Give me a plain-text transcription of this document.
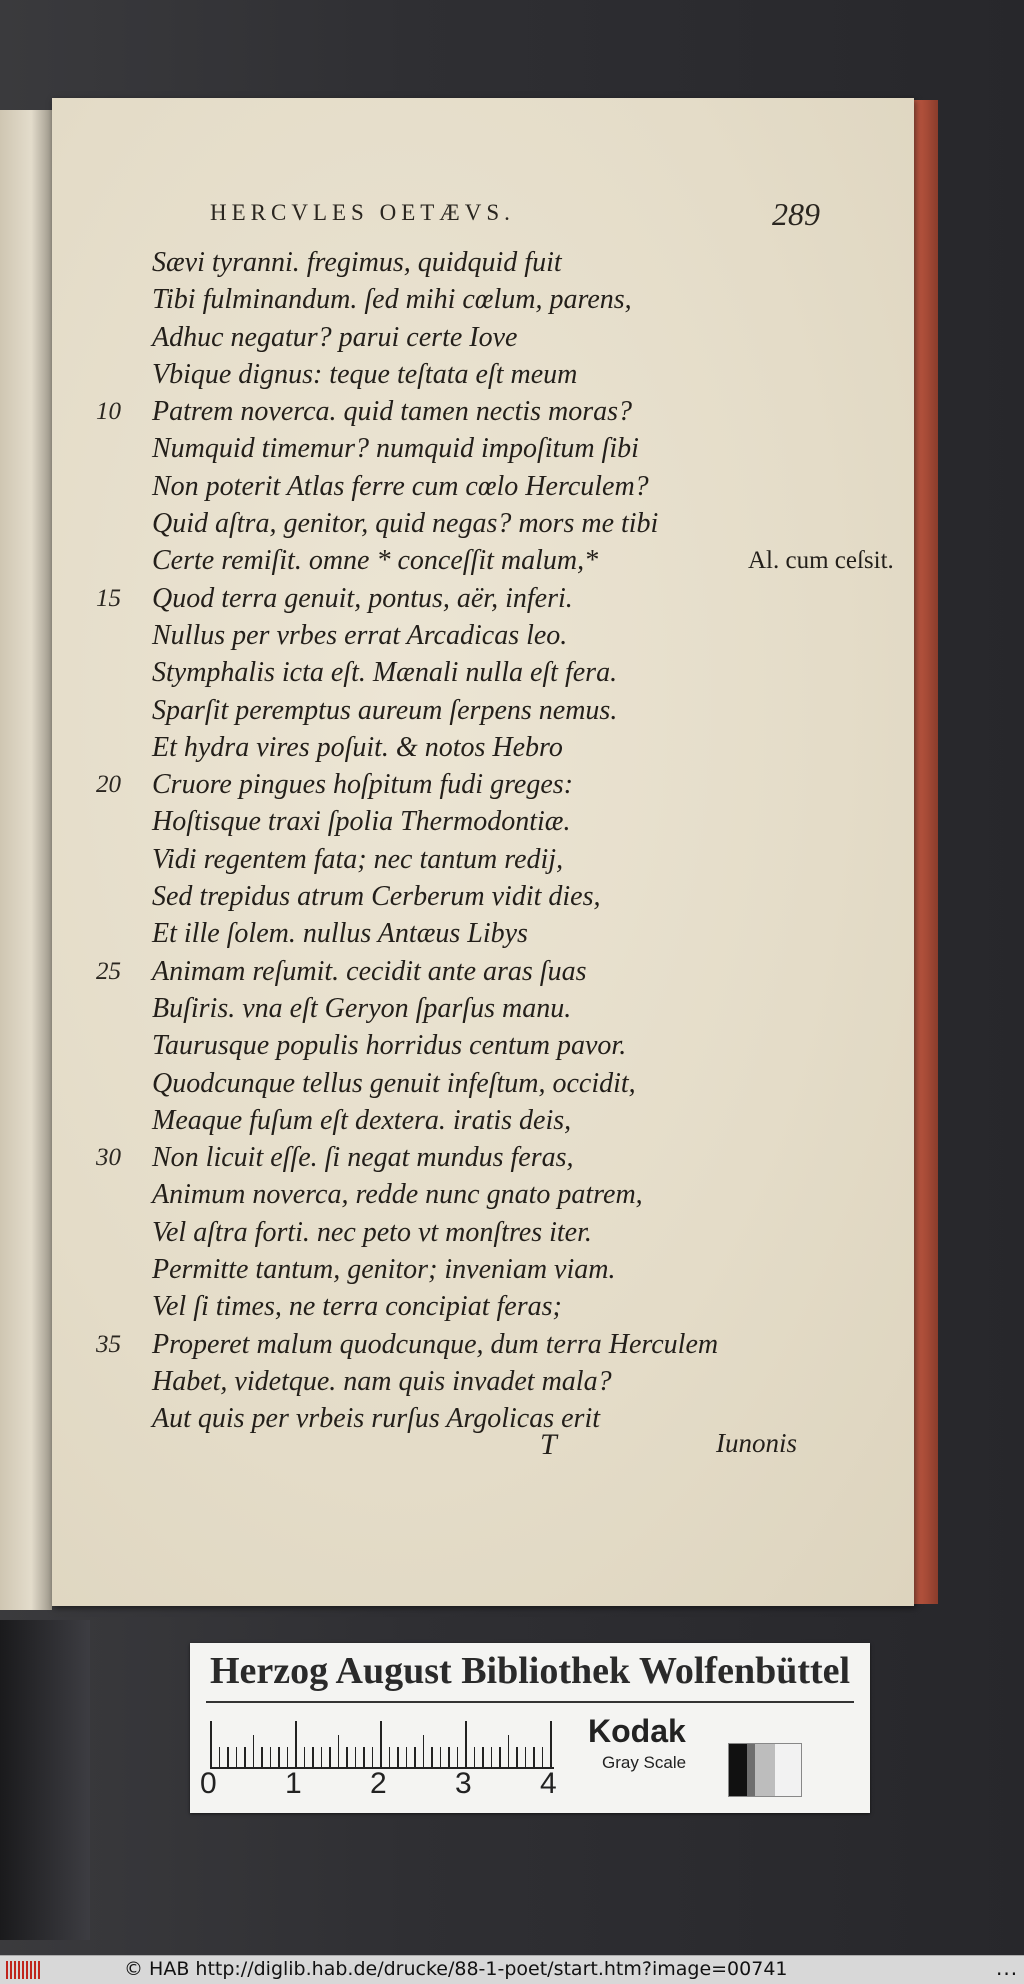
HERCVLES OETÆVS.	289
Sævi tyranni. fregimus, quidquid fuit
Tibi fulminandum. ſed mihi cœlum, parens,
Adhuc negatur? parui certe Iove
Vbique dignus: teque teſtata eſt meum
10	Patrem noverca. quid tamen nectis moras?
Numquid timemur? numquid impoſitum ſibi
Non poterit Atlas ferre cum cœlo Herculem?
Quid aſtra, genitor, quid negas? mors me tibi
Certe remiſit. omne * conceſſit malum,*	Al. cum ceſsit.
15	Quod terra genuit, pontus, aër, inferi.
Nullus per vrbes errat Arcadicas leo.
Stymphalis icta eſt. Mænali nulla eſt fera.
Sparſit peremptus aureum ſerpens nemus.
Et hydra vires poſuit. & notos Hebro
20	Cruore pingues hoſpitum fudi greges:
Hoſtisque traxi ſpolia Thermodontiæ.
Vidi regentem fata; nec tantum redij,
Sed trepidus atrum Cerberum vidit dies,
Et ille ſolem. nullus Antæus Libys
25	Animam reſumit. cecidit ante aras ſuas
Buſiris. vna eſt Geryon ſparſus manu.
Taurusque populis horridus centum pavor.
Quodcunque tellus genuit infeſtum, occidit,
Meaque fuſum eſt dextera. iratis deis,
30	Non licuit eſſe. ſi negat mundus feras,
Animum noverca, redde nunc gnato patrem,
Vel aſtra forti. nec peto vt monſtres iter.
Permitte tantum, genitor; inveniam viam.
Vel ſi times, ne terra concipiat feras;
35	Properet malum quodcunque, dum terra Herculem
Habet, videtque. nam quis invadet mala?
Aut quis per vrbeis rurſus Argolicas erit
T	Iunonis
Herzog August Bibliothek Wolfenbüttel
0 1 2 3 4
Kodak
Gray Scale
© HAB http://diglib.hab.de/drucke/88-1-poet/start.htm?image=00741	...
